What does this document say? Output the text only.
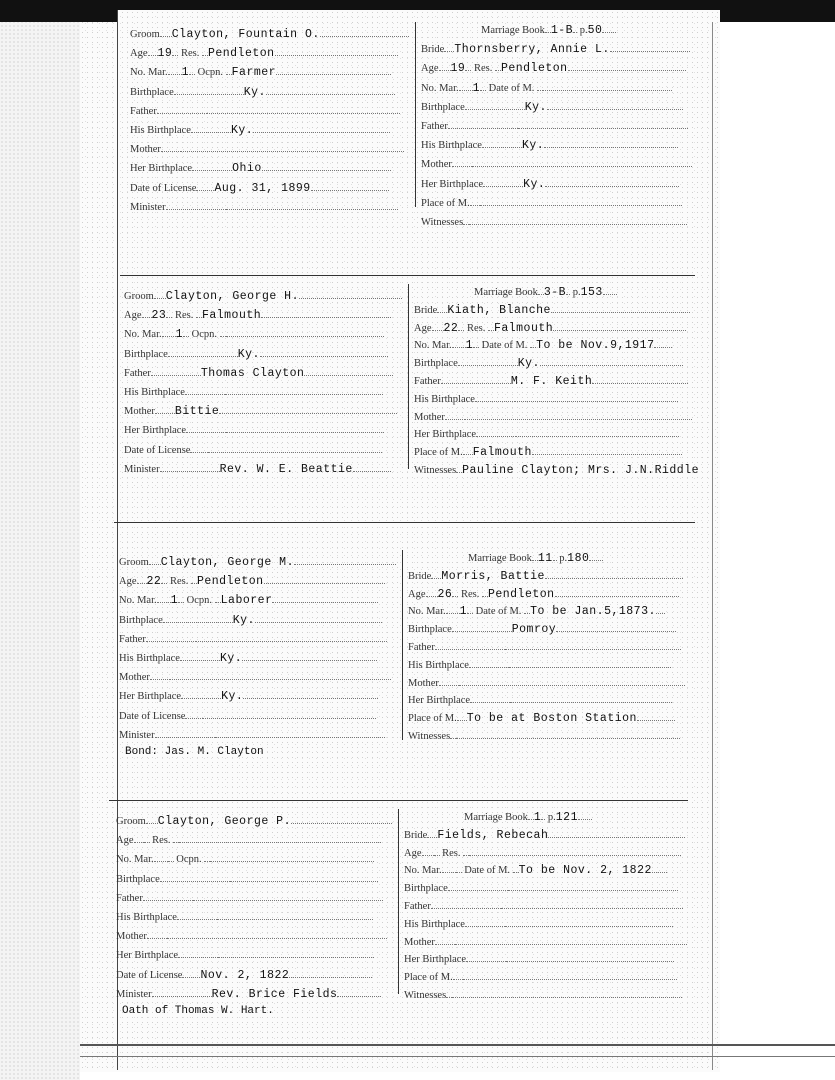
Groom Clayton, Fountain O.
Age 19 Res. Pendleton
No. Mar. 1 Ocpn. Farmer
Birthplace	Ky.
Father
His Birthplace	Ky.
Mother
Her Birthplace	Ohio
Date of License Aug. 31, 1899
Minister
Marriage Book 1-B p.50
Bride Thornsberry, Annie L.
Age 19 Res. Pendleton
No. Mar. 1 Date of M.
Birthplace	Ky.
Father
His Birthplace	Ky.
Mother
Her Birthplace	Ky.
Place of M.
Witnesses
Groom Clayton, George H.
Age 23 Res. Falmouth
No. Mar. 1 Ocpn.
Birthplace	Ky.
Father	Thomas Clayton
His Birthplace
Mother Bittie
Her Birthplace
Date of License
Minister	Rev. W. E. Beattie
Marriage Book 3-B p.153
Bride Kiath, Blanche
Age 22 Res. Falmouth
No. Mar. 1 Date of M. To be Nov.9,1917
Birthplace	Ky.
Father	M. F. Keith
His Birthplace
Mother
Her Birthplace
Place of M. Falmouth
Witnesses Pauline Clayton; Mrs. J.N.Riddle
Groom Clayton, George M.
Age 22 Res. Pendleton
No. Mar. 1 Ocpn. Laborer
Birthplace	Ky.
Father
His Birthplace	Ky.
Mother
Her Birthplace	Ky.
Date of License
Minister
Bond: Jas. M. Clayton
Marriage Book 11 p.180
Bride Morris, Battie
Age 26 Res. Pendleton
No. Mar. 1 Date of M. To be Jan.5,1873.
Birthplace	Pomroy
Father
His Birthplace
Mother
Her Birthplace
Place of M. To be at Boston Station
Witnesses
Groom Clayton, George P.
Age Res.
No. Mar. Ocpn.
Birthplace
Father
His Birthplace
Mother
Her Birthplace
Date of License Nov. 2, 1822
Minister	Rev. Brice Fields
Oath of Thomas W. Hart.
Marriage Book 1 p.121
Bride Fields, Rebecah
Age Res.
No. Mar. Date of M. To be Nov. 2, 1822
Birthplace
Father
His Birthplace
Mother
Her Birthplace
Place of M.
Witnesses
